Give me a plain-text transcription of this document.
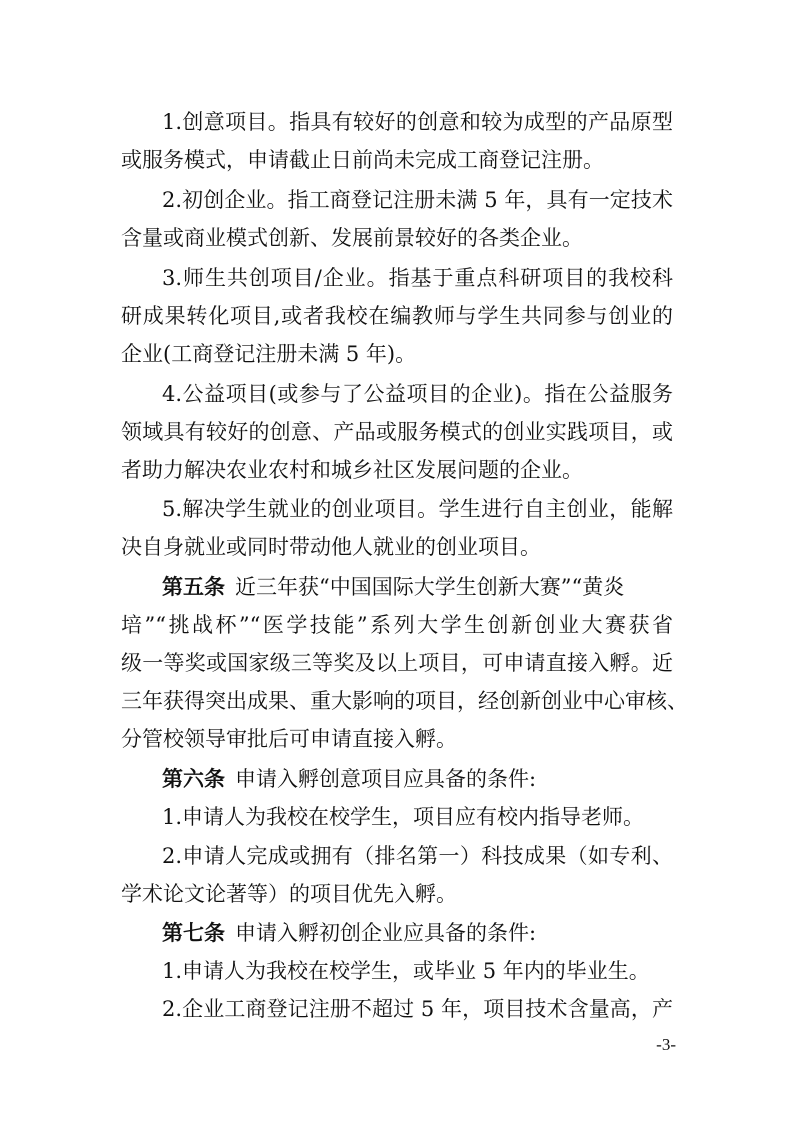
1.创意项目。指具有较好的创意和较为成型的产品原型
或服务模式，申请截止日前尚未完成工商登记注册。
2.初创企业。指工商登记注册未满 5 年，具有一定技术
含量或商业模式创新、发展前景较好的各类企业。
3.师生共创项目/企业。指基于重点科研项目的我校科
研成果转化项目,或者我校在编教师与学生共同参与创业的
企业(工商登记注册未满 5 年)。
4.公益项目(或参与了公益项目的企业)。指在公益服务
领域具有较好的创意、产品或服务模式的创业实践项目，或
者助力解决农业农村和城乡社区发展问题的企业。
5.解决学生就业的创业项目。学生进行自主创业，能解
决自身就业或同时带动他人就业的创业项目。
第五条 近三年获“中国国际大学生创新大赛”“黄炎
培”“挑战杯”“医学技能”系列大学生创新创业大赛获省
级一等奖或国家级三等奖及以上项目，可申请直接入孵。近
三年获得突出成果、重大影响的项目，经创新创业中心审核、
分管校领导审批后可申请直接入孵。
第六条 申请入孵创意项目应具备的条件:
1.申请人为我校在校学生，项目应有校内指导老师。
2.申请人完成或拥有（排名第一）科技成果（如专利、
学术论文论著等）的项目优先入孵。
第七条 申请入孵初创企业应具备的条件:
1.申请人为我校在校学生，或毕业 5 年内的毕业生。
2.企业工商登记注册不超过 5 年，项目技术含量高，产
-3-
